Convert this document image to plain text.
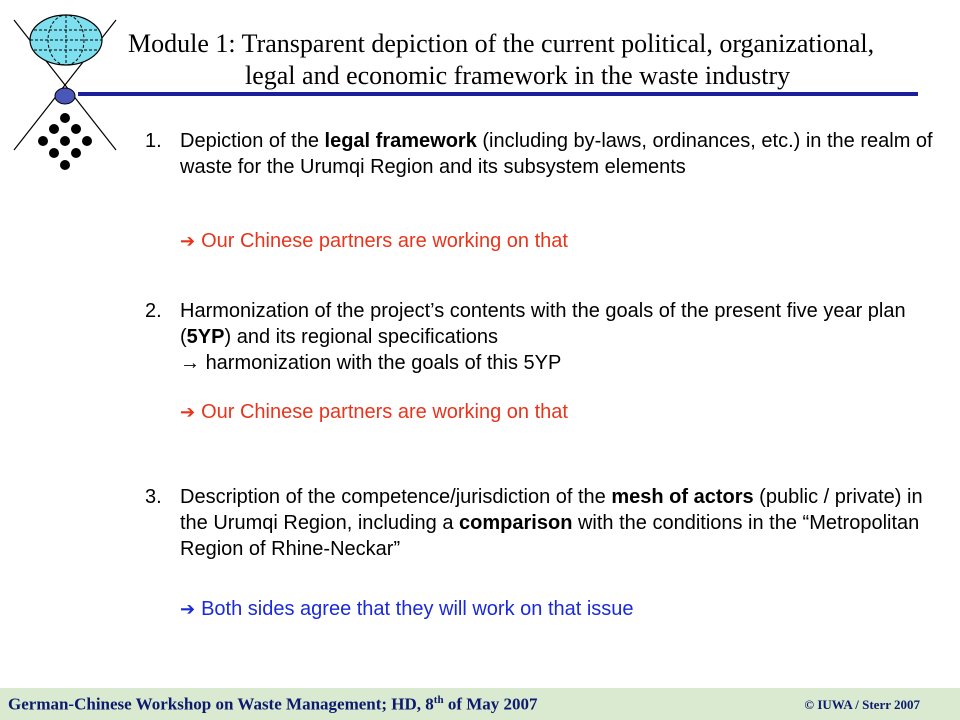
Module 1: Transparent depiction of the current political, organizational,
legal and economic framework in the waste industry
1. Depiction of the legal framework (including by-laws, ordinances, etc.) in the realm of waste for the Urumqi Region and its subsystem elements
➔ Our Chinese partners are working on that
2. Harmonization of the project’s contents with the goals of the present five year plan (5YP) and its regional specifications
→ harmonization with the goals of this 5YP
➔ Our Chinese partners are working on that
3. Description of the competence/jurisdiction of the mesh of actors (public / private) in the Urumqi Region, including a comparison with the conditions in the “Metropolitan Region of Rhine-Neckar”
➔ Both sides agree that they will work on that issue
German-Chinese Workshop on Waste Management; HD, 8th of May 2007	© IUWA / Sterr 2007
